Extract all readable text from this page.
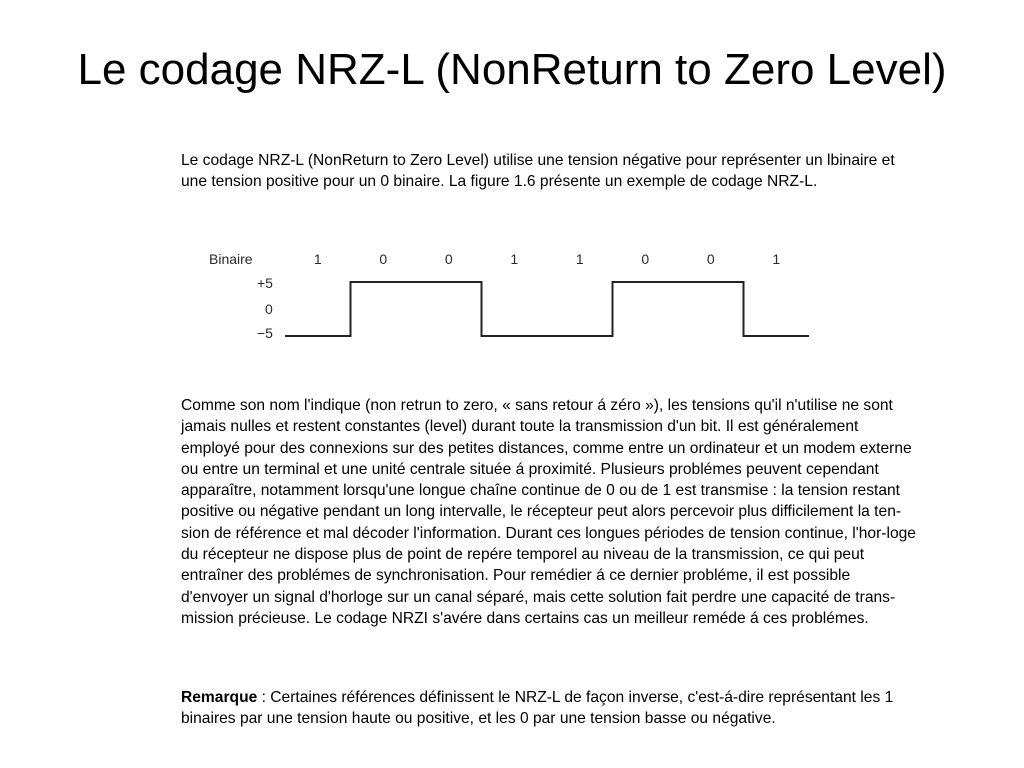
Le codage NRZ-L (NonReturn to Zero Level)

Le codage NRZ-L (NonReturn to Zero Level) utilise une tension négative pour représenter un lbinaire et une tension positive pour un 0 binaire. La figure 1.6 présente un exemple de codage NRZ-L.

Binaire
+5
0
−5
1	0	0	1	1	0	0	1

Comme son nom l'indique (non retrun to zero, « sans retour á zéro »), les tensions qu'il n'utilise ne sont jamais nulles et restent constantes (level) durant toute la transmission d'un bit. Il est généralement employé pour des connexions sur des petites distances, comme entre un ordinateur et un modem externe ou entre un terminal et une unité centrale située á proximité. Plusieurs problémes peuvent cependant apparaître, notamment lorsqu'une longue chaîne continue de 0 ou de 1 est transmise : la tension restant positive ou négative pendant un long intervalle, le récepteur peut alors percevoir plus difficilement la ten-sion de référence et mal décoder l'information. Durant ces longues périodes de tension continue, l'hor-loge du récepteur ne dispose plus de point de repére temporel au niveau de la transmission, ce qui peut entraîner des problémes de synchronisation. Pour remédier á ce dernier probléme, il est possible d'envoyer un signal d'horloge sur un canal séparé, mais cette solution fait perdre une capacité de trans-mission précieuse. Le codage NRZI s'avére dans certains cas un meilleur reméde á ces problémes.

Remarque : Certaines références définissent le NRZ-L de façon inverse, c'est-á-dire représentant les 1 binaires par une tension haute ou positive, et les 0 par une tension basse ou négative.
